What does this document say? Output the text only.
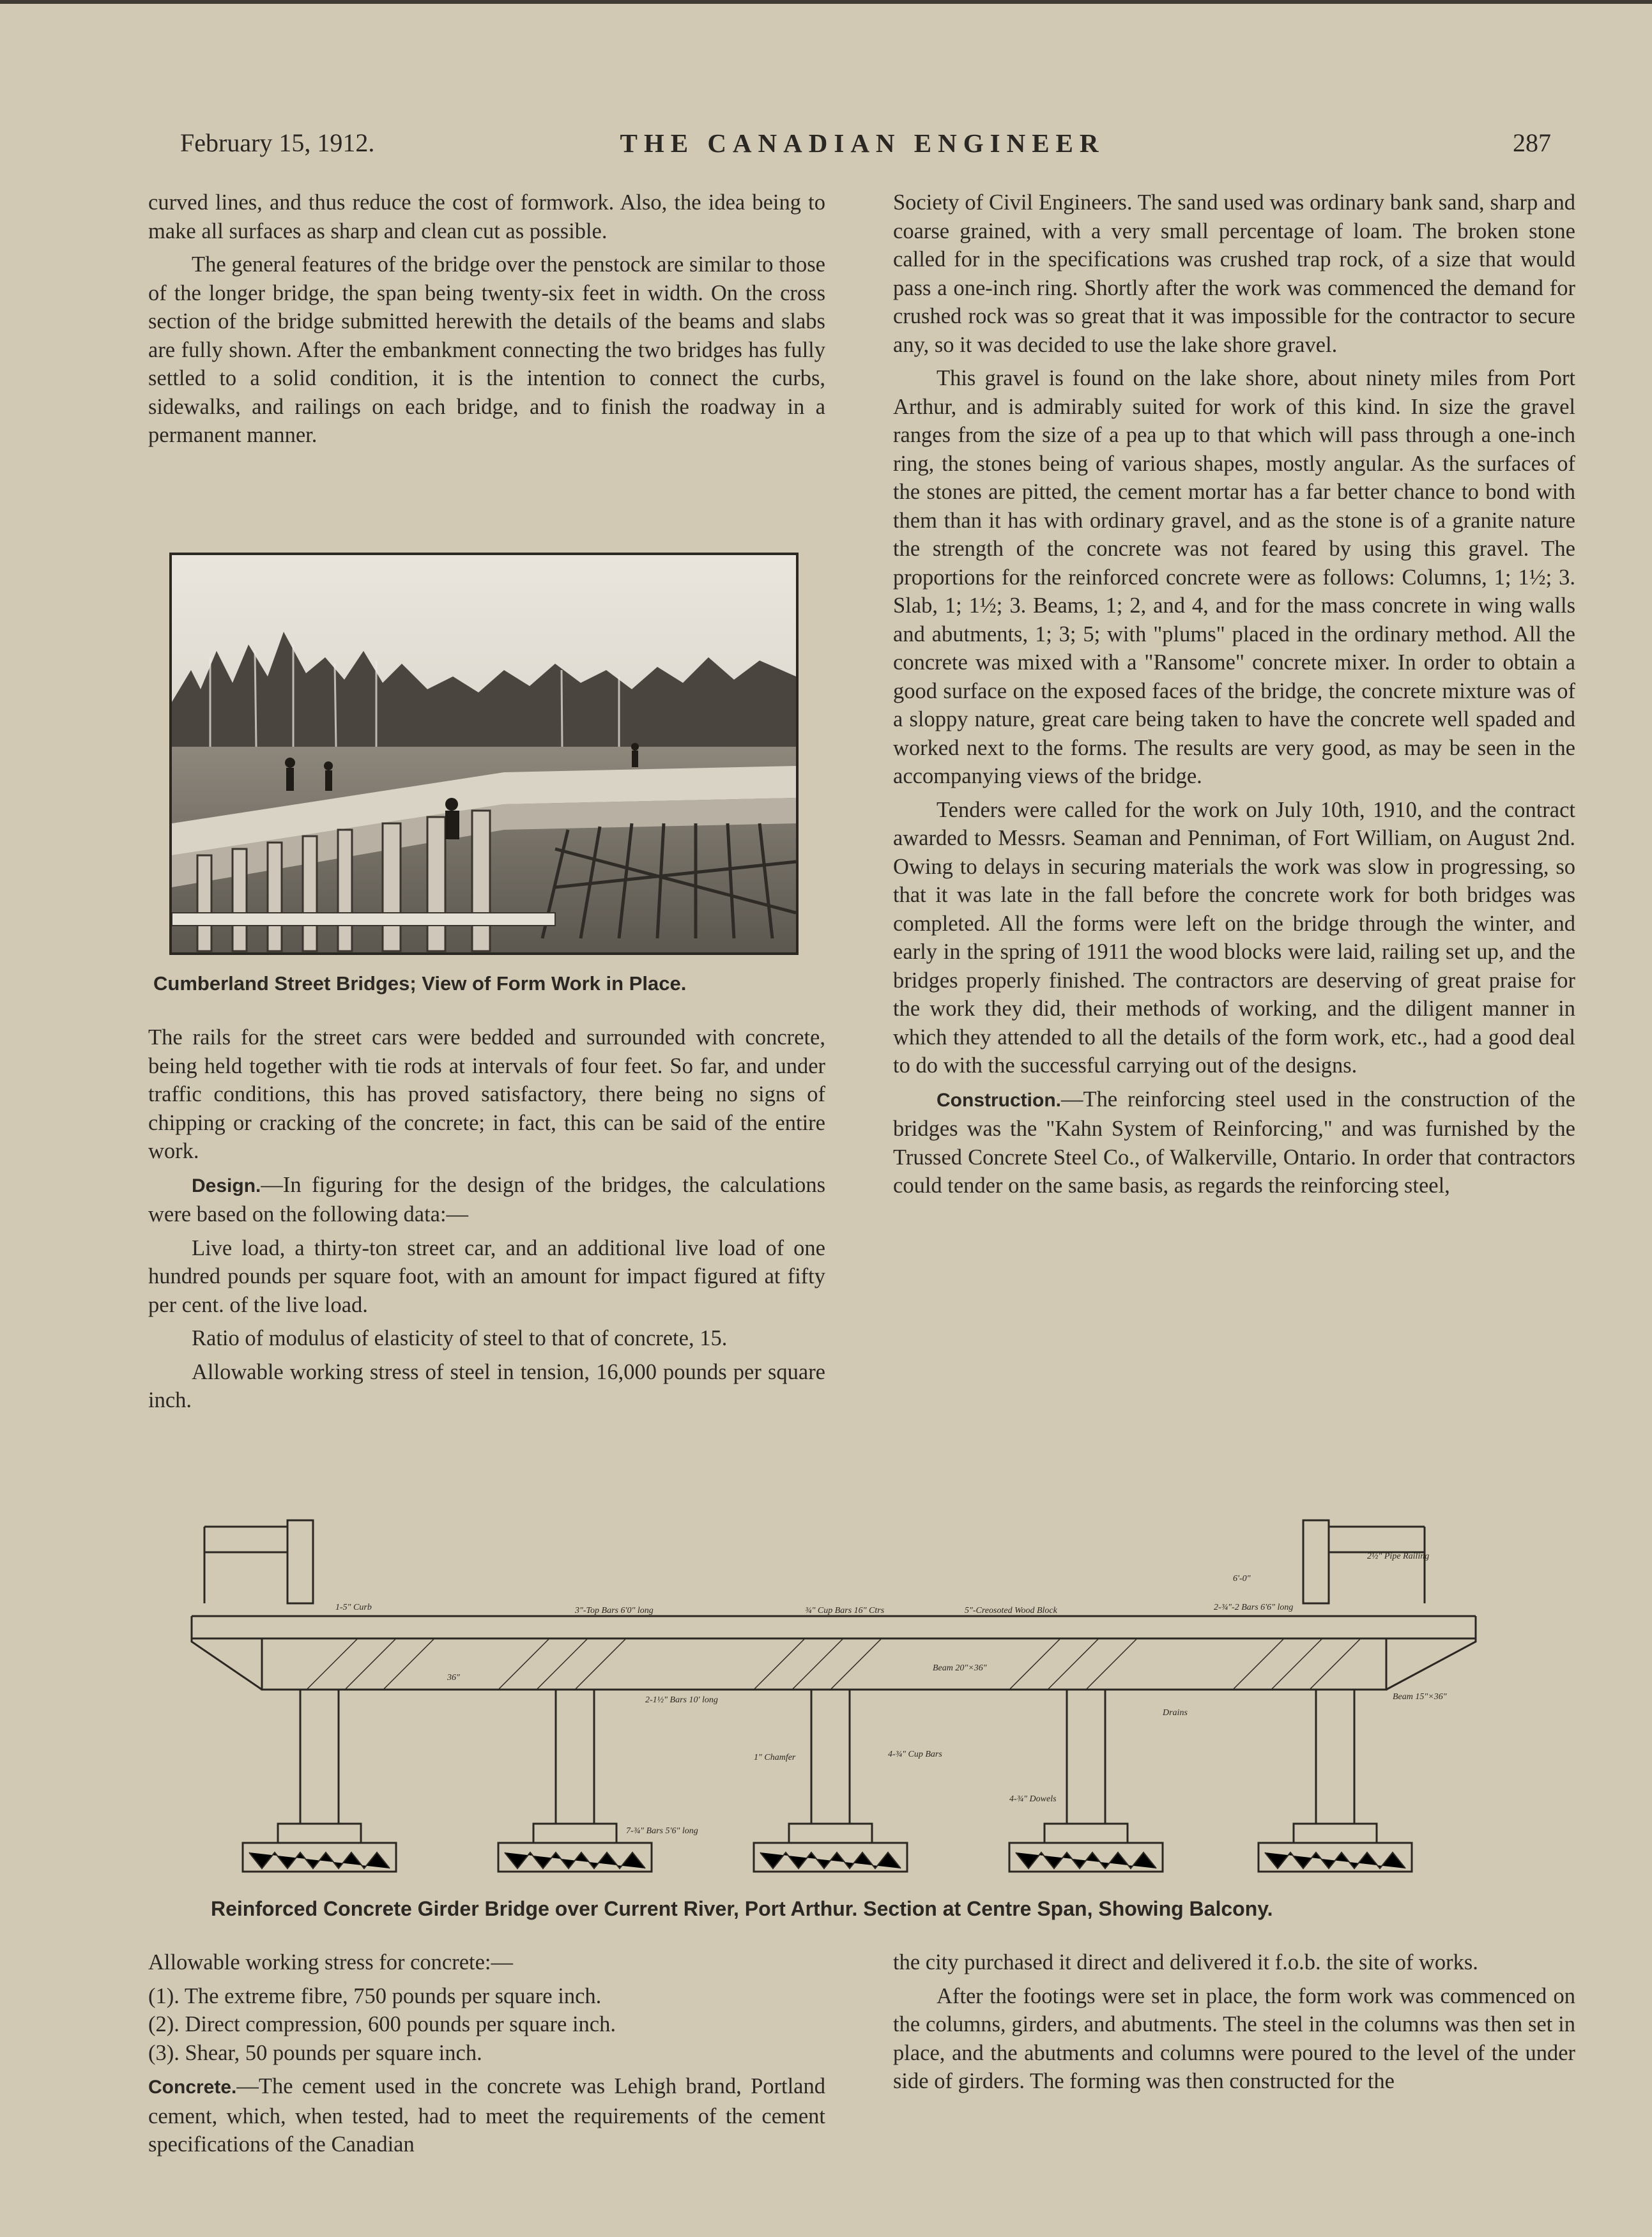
February 15, 1912.	THE CANADIAN ENGINEER	287

curved lines, and thus reduce the cost of formwork. Also, the idea being to make all surfaces as sharp and clean cut as possible.

The general features of the bridge over the penstock are similar to those of the longer bridge, the span being twenty-six feet in width. On the cross section of the bridge submitted herewith the details of the beams and slabs are fully shown. After the embankment connecting the two bridges has fully settled to a solid condition, it is the intention to connect the curbs, sidewalks, and railings on each bridge, and to finish the roadway in a permanent manner.

Cumberland Street Bridges; View of Form Work in Place.

The rails for the street cars were bedded and surrounded with concrete, being held together with tie rods at intervals of four feet. So far, and under traffic conditions, this has proved satisfactory, there being no signs of chipping or cracking of the concrete; in fact, this can be said of the entire work.

Design.—In figuring for the design of the bridges, the calculations were based on the following data:—

Live load, a thirty-ton street car, and an additional live load of one hundred pounds per square foot, with an amount for impact figured at fifty per cent. of the live load.

Ratio of modulus of elasticity of steel to that of concrete, 15.

Allowable working stress of steel in tension, 16,000 pounds per square inch.

Society of Civil Engineers. The sand used was ordinary bank sand, sharp and coarse grained, with a very small percentage of loam. The broken stone called for in the specifications was crushed trap rock, of a size that would pass a one-inch ring. Shortly after the work was commenced the demand for crushed rock was so great that it was impossible for the contractor to secure any, so it was decided to use the lake shore gravel.

This gravel is found on the lake shore, about ninety miles from Port Arthur, and is admirably suited for work of this kind. In size the gravel ranges from the size of a pea up to that which will pass through a one-inch ring, the stones being of various shapes, mostly angular. As the surfaces of the stones are pitted, the cement mortar has a far better chance to bond with them than it has with ordinary gravel, and as the stone is of a granite nature the strength of the concrete was not feared by using this gravel. The proportions for the reinforced concrete were as follows: Columns, 1; 1½; 3. Slab, 1; 1½; 3. Beams, 1; 2, and 4, and for the mass concrete in wing walls and abutments, 1; 3; 5; with "plums" placed in the ordinary method. All the concrete was mixed with a "Ransome" concrete mixer. In order to obtain a good surface on the exposed faces of the bridge, the concrete mixture was of a sloppy nature, great care being taken to have the concrete well spaded and worked next to the forms. The results are very good, as may be seen in the accompanying views of the bridge.

Tenders were called for the work on July 10th, 1910, and the contract awarded to Messrs. Seaman and Penniman, of Fort William, on August 2nd. Owing to delays in securing materials the work was slow in progressing, so that it was late in the fall before the concrete work for both bridges was completed. All the forms were left on the bridge through the winter, and early in the spring of 1911 the wood blocks were laid, railing set up, and the bridges properly finished. The contractors are deserving of great praise for the work they did, their methods of working, and the diligent manner in which they attended to all the details of the form work, etc., had a good deal to do with the successful carrying out of the designs.

Construction.—The reinforcing steel used in the construction of the bridges was the "Kahn System of Reinforcing," and was furnished by the Trussed Concrete Steel Co., of Walkerville, Ontario. In order that contractors could tender on the same basis, as regards the reinforcing steel,

6'-0"
2½" Pipe Railing
2-¾"-2 Bars 6'6" long
5"-Creosoted Wood Block
¾" Cup Bars 16" Ctrs
3"-Top Bars 6'0" long
Beam 20"×36"
Beam 15"×36"
2-1½" Bars 10' long
1" Chamfer	4-¾" Cup Bars
4-¾" Dowels
7-¾" Bars 5'6" long
Drains
1-5" Curb
36"
Reinforced Concrete Girder Bridge over Current River, Port Arthur. Section at Centre Span, Showing Balcony.

Allowable working stress for concrete:—

(1). The extreme fibre, 750 pounds per square inch.

(2). Direct compression, 600 pounds per square inch.

(3). Shear, 50 pounds per square inch.

Concrete.—The cement used in the concrete was Lehigh brand, Portland cement, which, when tested, had to meet the requirements of the cement specifications of the Canadian

the city purchased it direct and delivered it f.o.b. the site of works.

After the footings were set in place, the form work was commenced on the columns, girders, and abutments. The steel in the columns was then set in place, and the abutments and columns were poured to the level of the under side of girders. The forming was then constructed for the
